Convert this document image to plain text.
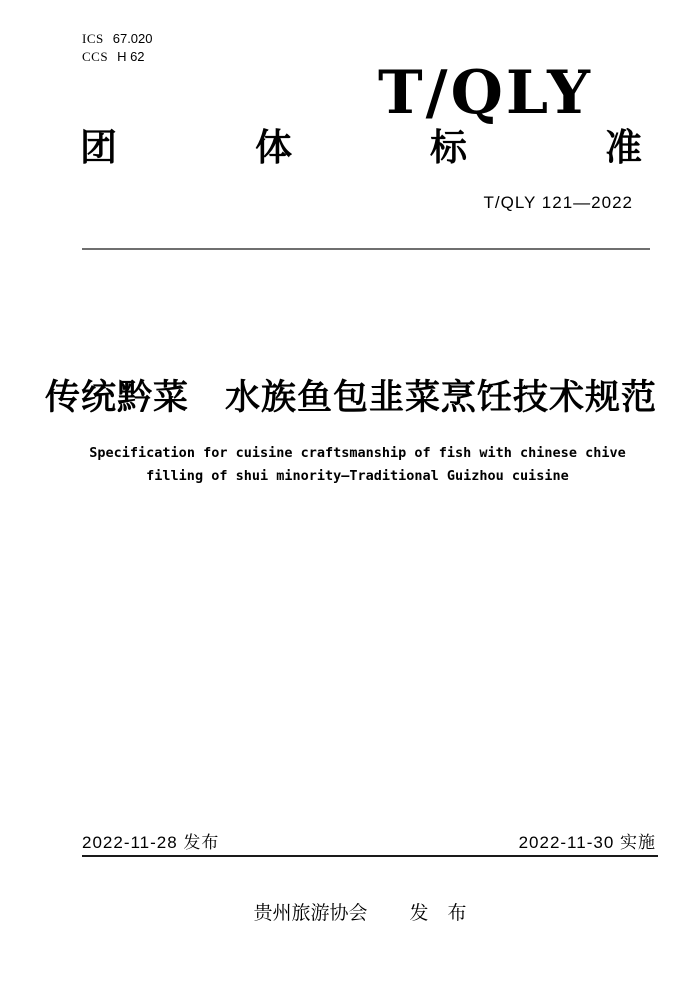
ICS 67.020
CCS H 62
T/QLY
团	体	标	准
T/QLY 121—2022
传统黔菜　水族鱼包韭菜烹饪技术规范
Specification for cuisine craftsmanship of fish with chinese chive
filling of shui minority—Traditional Guizhou cuisine
2022-11-28 发布	2022-11-30 实施
贵州旅游协会 发　布
